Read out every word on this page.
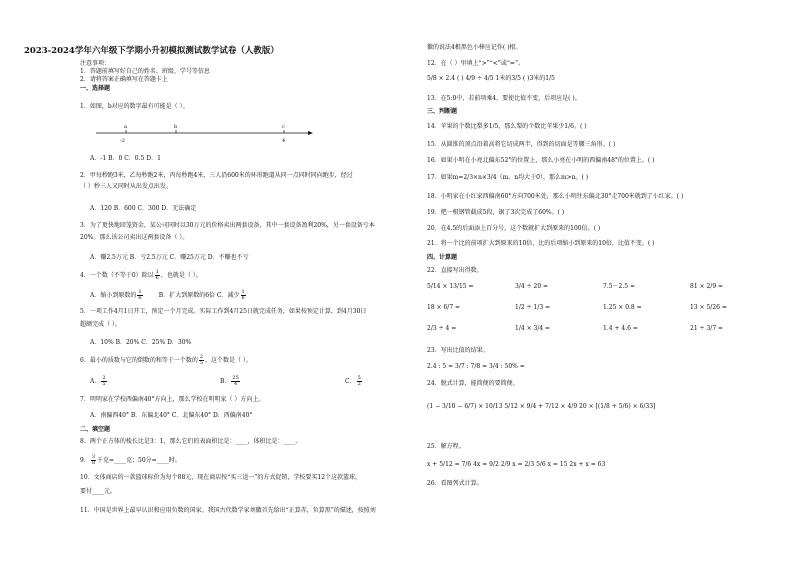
2023-2024学年六年级下学期小升初模拟测试数学试卷（人教版）
注意事项：
1．答题前填写好自己的姓名、班级、学号等信息
2．请将答案正确填写在答题卡上
一、选择题
1．如图，b对应的数字最有可能是（ ）。
a	b	c
-2	4
A．-1 B．0 C．0.5 D．1
2．甲每秒跑3米，乙每秒跑2米，丙每秒跑4米，三人沿600米的环形跑道从同一点同时同向跑步，经过
（ ）秒三人又同时从出发点出发。
A．120 B．600 C．300 D．无法确定
3．为了更快地回笼资金，某公司同时以30万元的价格卖出两套设备，其中一套设备盈利20%，另一套设备亏本
20%。那么该公司卖出这两套设备（ ）。
A．赚2.5万元 B．亏2.5万元 C．赚25万元 D．不赚也不亏
4．一个数（不等于0）除以 $\frac{1}{6}$ ，也就是（ ）。
A．缩小到原数的 $\frac{1}{6}$	B．扩大到原数的6倍 C．减少 $\frac{1}{6}$
5．一项工作4月1日开工，预定一个月完成。实际工作到4月25日就完成任务，如果按预定计算，到4月30日
超额完成（ ）。
A．10% B．20% C．25% D．30%
6．最小的质数与它的倒数的和等于一个数的 $\frac{2}{5}$ ，这个数是（ ）。
A． $\frac{2}{5}$	B． $\frac{25}{4}$	C． $\frac{5}{2}$
7．明明家在学校西偏南40°方向上，那么学校在明明家（ ）方向上。
A．南偏西40° B．东偏北40° C．北偏东40° D．西偏南40°
二、填空题
8．两个正方体的棱长比是3：1，那么它们的表面积比是：____，体积比是：____。
9． $\frac{3}{8}$ 千克=____克；50分=____时。
10．文体商店的一款篮球标价为每个88元，现在商店按“买三送一”的方式促销，学校要买12个这款篮球，
要付____元。
11．中国是世界上最早认识和应用负数的国家。我国古代数学家刘徽首先给出“正算赤，负算黑”的描述，按照刘
徽的说法4根黑色小棒应记作( )根。
12．在（ ）里填上“>”“<”或“=”。
5/8 × 2.4 ( ) 4/9 ÷ 4/5 1米的3/5 ( )3米的1/5
13．在5:0中，若前项乘4，要使比值不变，后项应是( )。
三、判断题
14．苹果的个数比梨多1/5，那么梨的个数比苹果少1/6。( )
15．从圆锥的顶点沿着高将它切成两半，得到的切面是等腰三角形。( )
16．如果小明在小亮北偏东52°的位置上，那么小亮在小明的西偏南48°的位置上。( )
17．如果m=2/3×n×3/4（m、n均大于0），那么m>n。( )
18．小明家在小红家西偏南60°方向700米处，那么小明往东偏北30°走700米就到了小红家。( )
19．把一根钢管截成5段，锯了3次完成了60%。( )
20．在4.5的后面添上百分号，这个数就扩大到原来的100倍。( )
21．将一个比的前项扩大到原来的10倍，比的后项缩小到原来的10倍，比值不变。( )
四、计算题
22．直接写出得数。
5/14 × 13/15 =	3/4 ÷ 20 =	7.5－2.5 =	81 × 2/9 =
18 × 6/7 =	1/2 ÷ 1/3 =	1.25 × 0.8 =	13 × 5/26 =
2/3 ÷ 4 =	1/4 × 3/4 =	1.4 + 4.6 =	21 ÷ 3/7 =
23．写出比值的结果。
2.4 : 5 = 3/7 : 7/8 = 3/4 : 50% =
24．脱式计算，能简便的要简便。
(1 − 3/10 − 6/7) × 10/13 5/12 × 9/4 + 7/12 × 4/9 20 × [(1/8 + 5/6) × 6/33]
25．解方程。
x + 5/12 = 7/6 4x = 9/2 2/9 x = 2/3 5/6 x = 15 2x + x = 63
26．看图列式计算。
